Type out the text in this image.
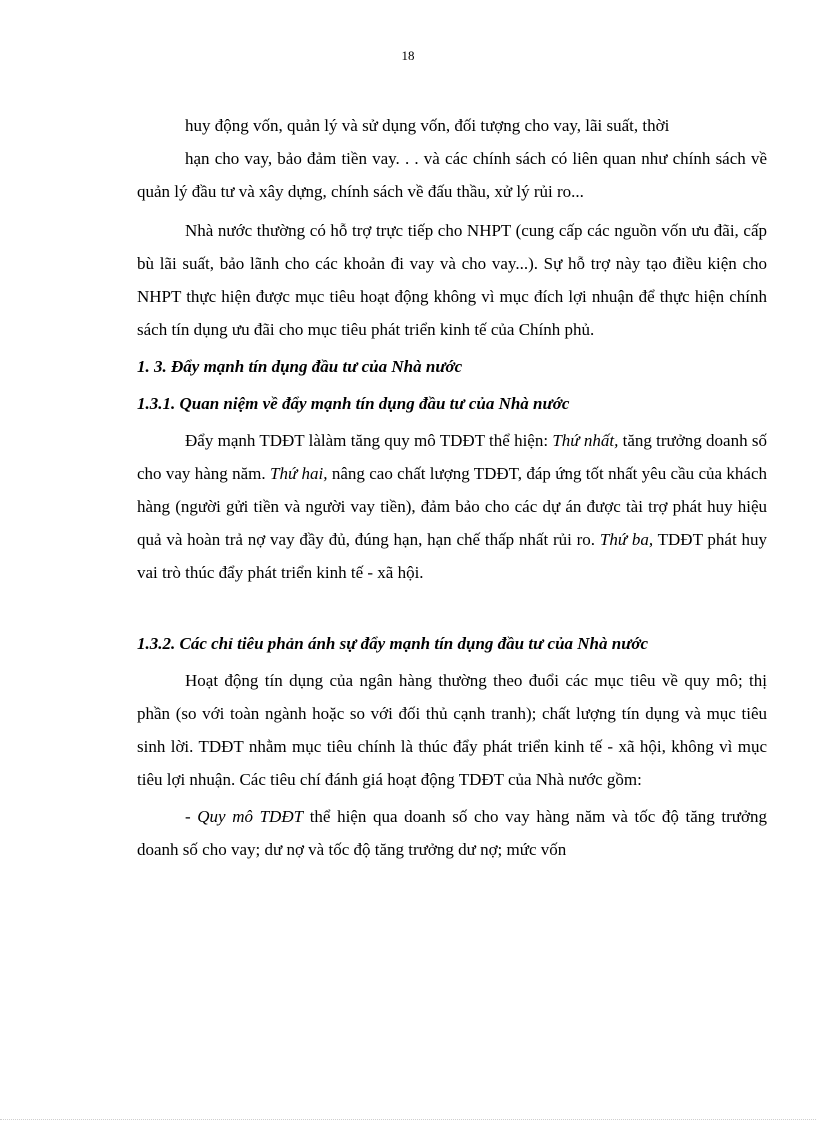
18

huy động vốn, quản lý và sử dụng vốn, đối tượng cho vay, lãi suất, thời

hạn cho vay, bảo đảm tiền vay. . . và các chính sách có liên quan như chính sách về quản lý đầu tư và xây dựng, chính sách về đấu thầu, xử lý rủi ro...

Nhà nước thường có hỗ trợ trực tiếp cho NHPT (cung cấp các nguồn vốn ưu đãi, cấp bù lãi suất, bảo lãnh cho các khoản đi vay và cho vay...). Sự hỗ trợ này tạo điều kiện cho NHPT thực hiện được mục tiêu hoạt động không vì mục đích lợi nhuận để thực hiện chính sách tín dụng ưu đãi cho mục tiêu phát triển kinh tế của Chính phủ.

1. 3. Đẩy mạnh tín dụng đầu tư của Nhà nước

1.3.1. Quan niệm về đẩy mạnh tín dụng đầu tư của Nhà nước

Đẩy mạnh TDĐT làlàm tăng quy mô TDĐT thể hiện: Thứ nhất, tăng trưởng doanh số cho vay hàng năm. Thứ hai, nâng cao chất lượng TDĐT, đáp ứng tốt nhất yêu cầu của khách hàng (người gửi tiền và người vay tiền), đảm bảo cho các dự án được tài trợ phát huy hiệu quả và hoàn trả nợ vay đầy đủ, đúng hạn, hạn chế thấp nhất rủi ro. Thứ ba, TDĐT phát huy vai trò thúc đẩy phát triển kinh tế - xã hội.

1.3.2. Các chỉ tiêu phản ánh sự đẩy mạnh tín dụng đầu tư của Nhà nước

Hoạt động tín dụng của ngân hàng thường theo đuổi các mục tiêu về quy mô; thị phần (so với toàn ngành hoặc so với đối thủ cạnh tranh); chất lượng tín dụng và mục tiêu sinh lời. TDĐT nhằm mục tiêu chính là thúc đẩy phát triển kinh tế - xã hội, không vì mục tiêu lợi nhuận. Các tiêu chí đánh giá hoạt động TDĐT của Nhà nước gồm:

- Quy mô TDĐT thể hiện qua doanh số cho vay hàng năm và tốc độ tăng trưởng doanh số cho vay; dư nợ và tốc độ tăng trưởng dư nợ; mức vốn
